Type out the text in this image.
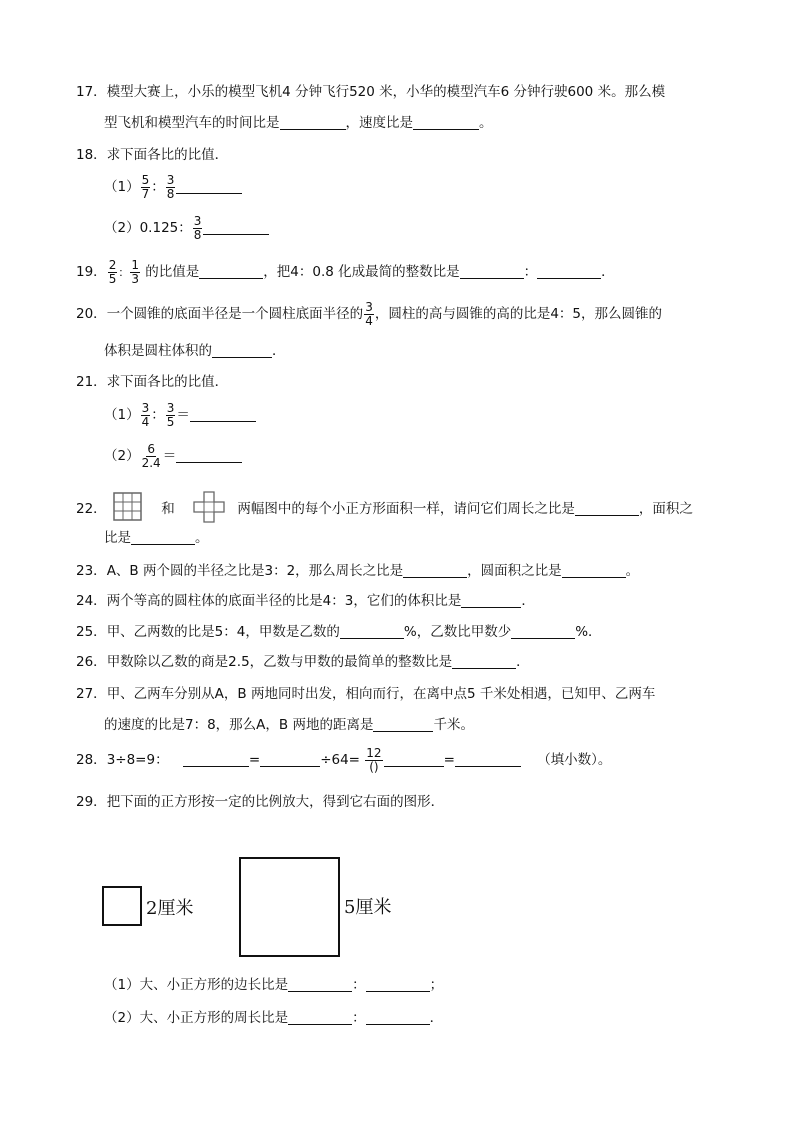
17．模型大赛上，小乐的模型飞机4 分钟飞行520 米，小华的模型汽车6 分钟行驶600 米。那么模
型飞机和模型汽车的时间比是	，速度比是	。
18．求下面各比的比值．
$(1) \frac{5}{7}$ ： $\frac{3}{8}$
（2）0.125： $\frac{3}{8}$
19． $\frac{2}{5}$ ： $\frac{1}{3}$ 的比值是	，把4：0.8 化成最简的整数比是	：	．
20．一个圆锥的底面半径是一个圆柱底面半径的 $\frac{3}{4}$ ，圆柱的高与圆锥的高的比是4：5，那么圆锥的
体积是圆柱体积的	．
21．求下面各比的比值．
$(1) \frac{3}{4}$ ： $\frac{3}{5}$ ＝
$(2) \frac{6}{2.4}$ ＝
22．	和	两幅图中的每个小正方形面积一样，请问它们周长之比是	，面积之
比是	。
23．A、B 两个圆的半径之比是3：2，那么周长之比是	，圆面积之比是	。
24．两个等高的圆柱体的底面半径的比是4：3，它们的体积比是	．
25．甲、乙两数的比是5：4，甲数是乙数的	%，乙数比甲数少	%．
26．甲数除以乙数的商是2.5，乙数与甲数的最简单的整数比是	．
27．甲、乙两车分别从A，B 两地同时出发，相向而行，在离中点5 千米处相遇，已知甲、乙两车
的速度的比是7：8，那么A，B 两地的距离是	千米。
28．3÷8=9：	=	$\div 64= \frac{12}{()}$	=	（填小数）。
29．把下面的正方形按一定的比例放大，得到它右面的图形．
2厘米	5厘米
（1）大、小正方形的边长比是	：	；
（2）大、小正方形的周长比是	：	．
